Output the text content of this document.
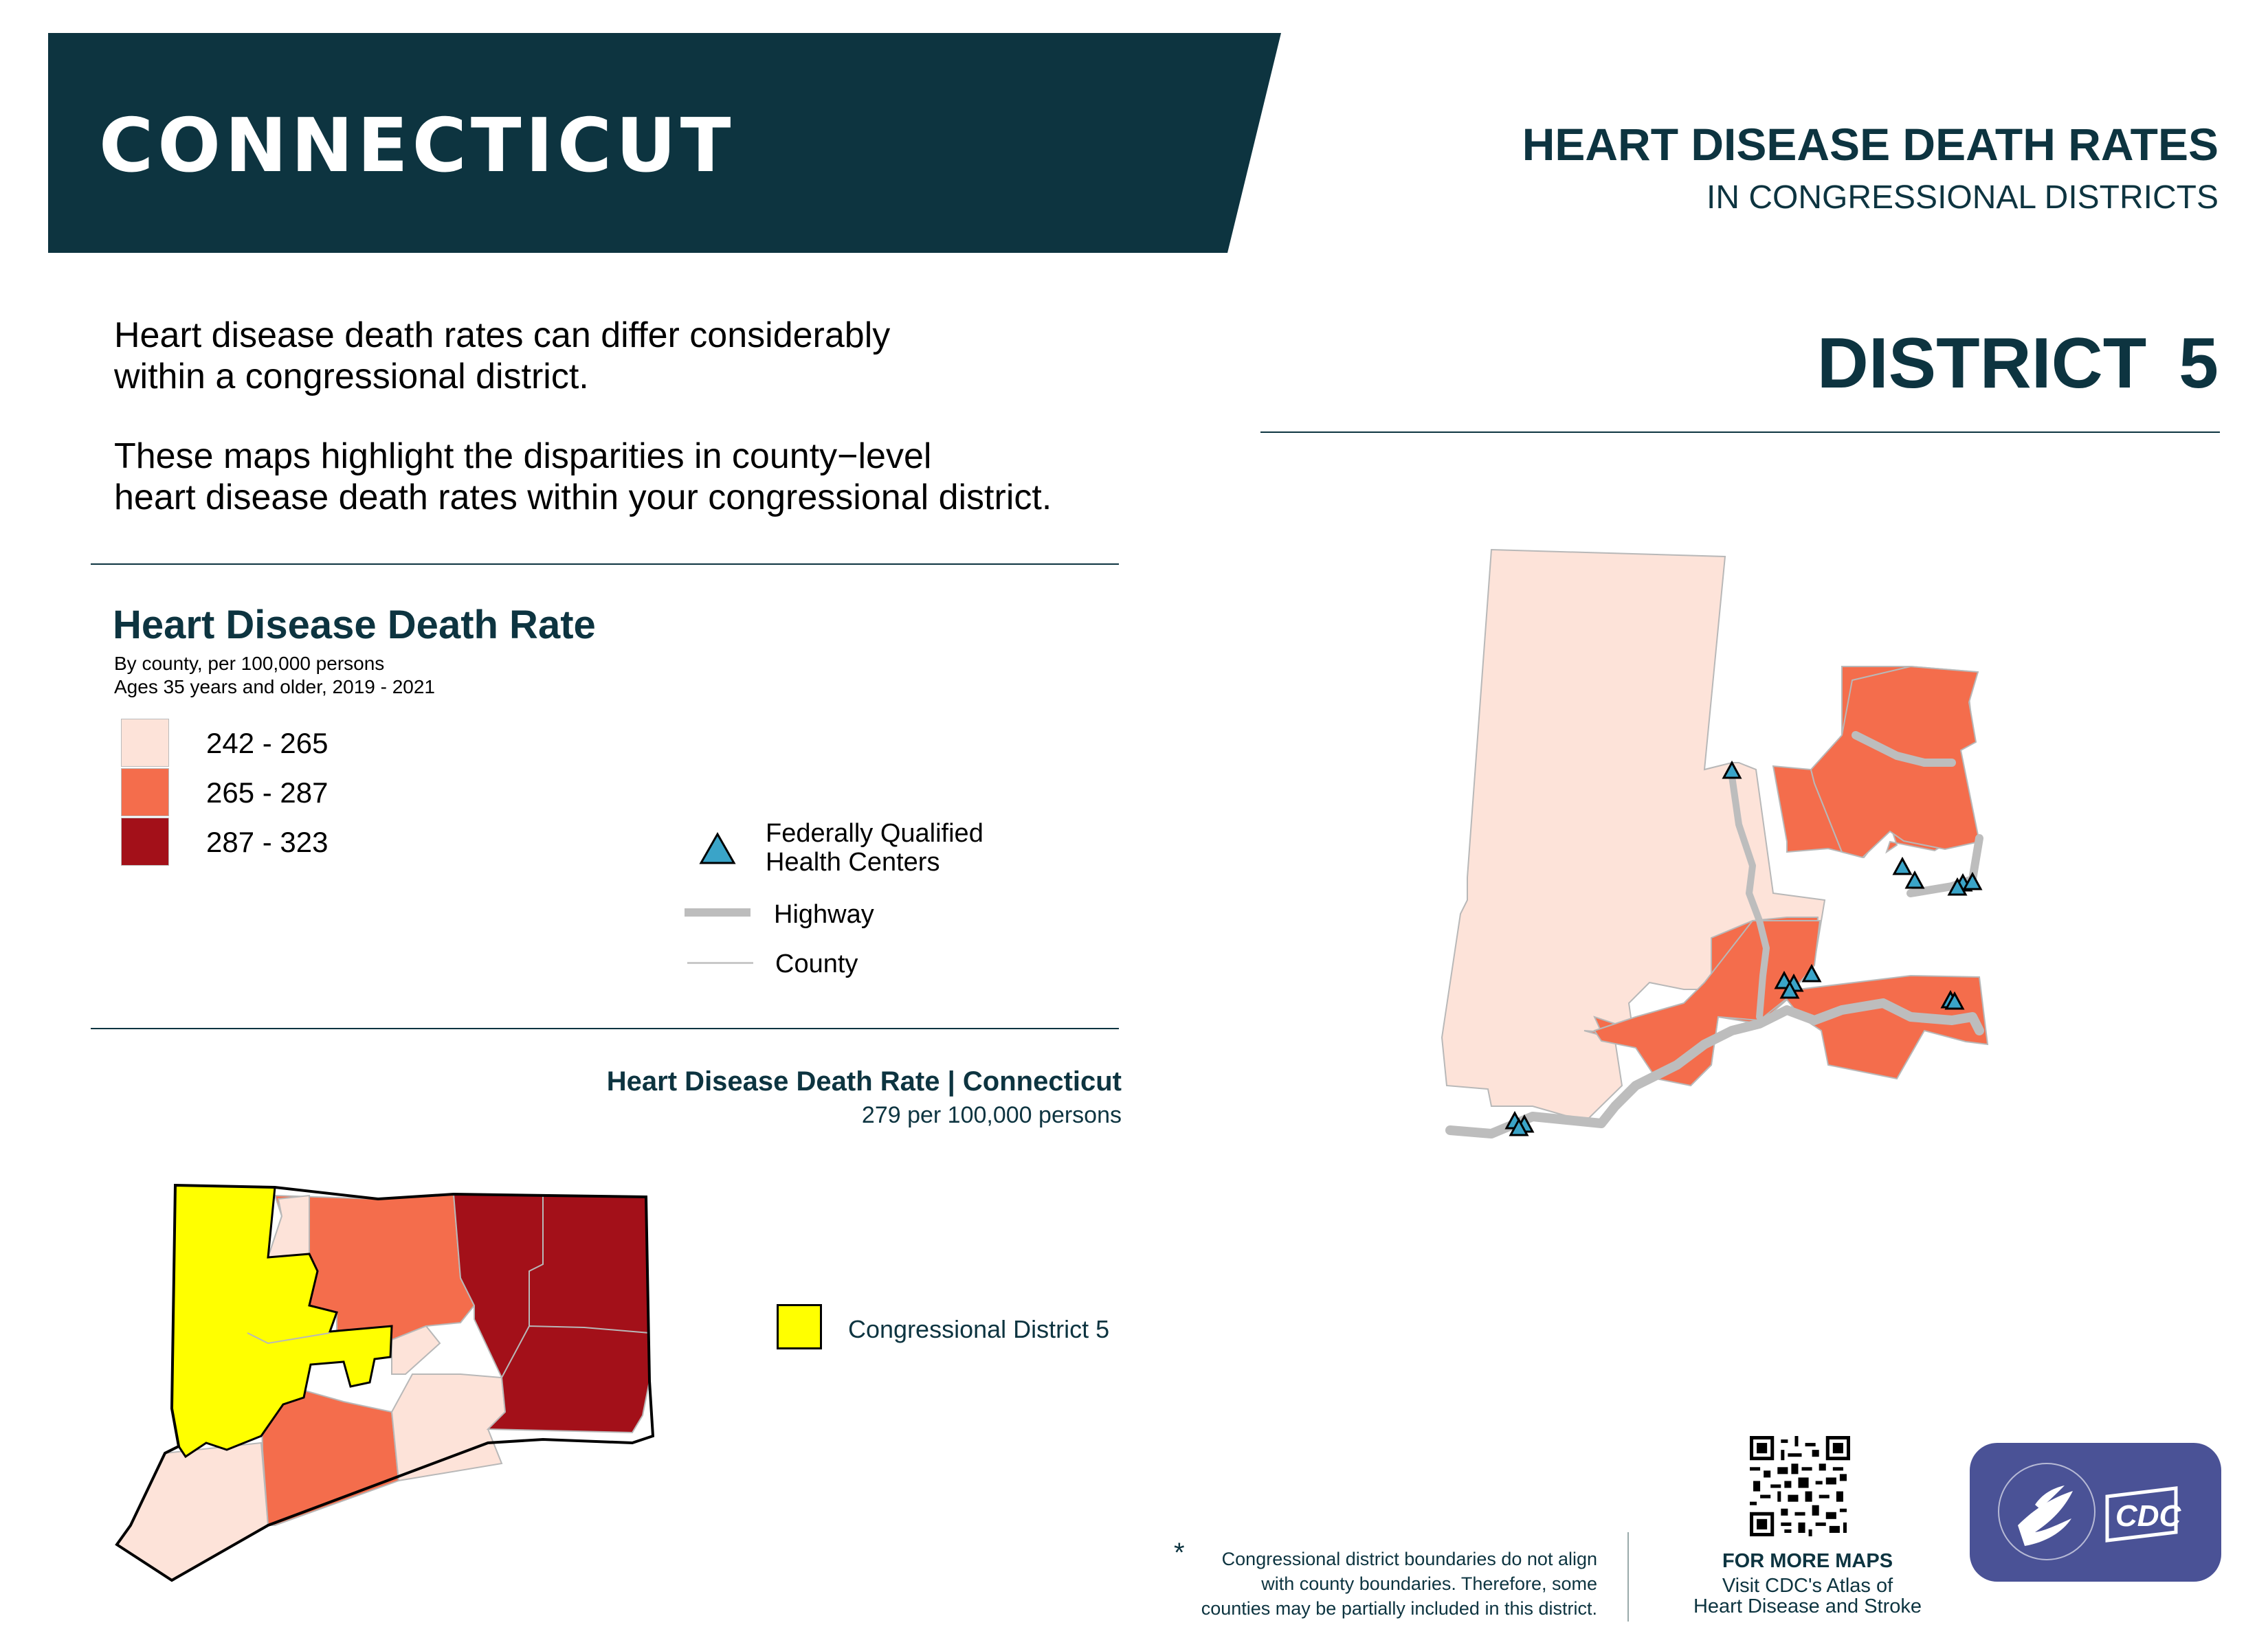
CONNECTICUT	HEART DISEASE DEATH RATES
IN CONGRESSIONAL DISTRICTS
DISTRICT 5
Heart disease death rates can differ considerably
within a congressional district.
These maps highlight the disparities in county−level
heart disease death rates within your congressional district.
Heart Disease Death Rate
By county, per 100,000 persons
Ages 35 years and older, 2019 - 2021
242 - 265
265 - 287
287 - 323	Federally Qualified
Health Centers
Highway
County
Heart Disease Death Rate | Connecticut
279 per 100,000 persons
Congressional District 5
* Congressional district boundaries do not align
with county boundaries. Therefore, some
counties may be partially included in this district.
FOR MORE MAPS
Visit CDC's Atlas of
Heart Disease and Stroke
CDC
